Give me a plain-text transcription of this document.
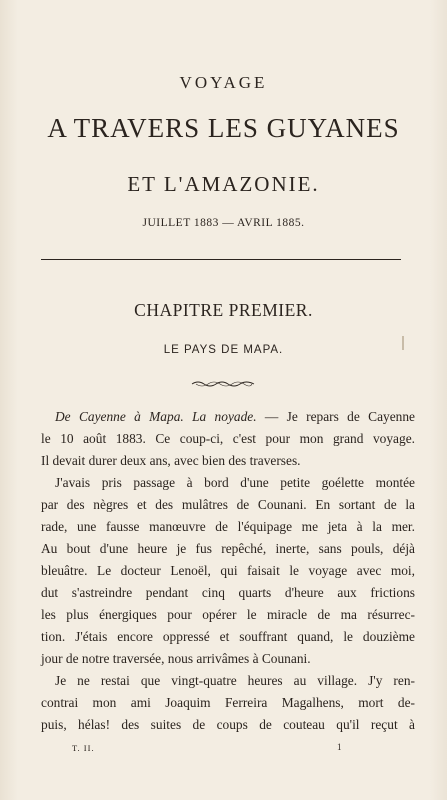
VOYAGE
A TRAVERS LES GUYANES
ET L'AMAZONIE.
JUILLET 1883 — AVRIL 1885.
CHAPITRE PREMIER.
LE PAYS DE MAPA.
De Cayenne à Mapa. La noyade. — Je repars de Cayenne
le 10 août 1883. Ce coup-ci, c'est pour mon grand voyage.
Il devait durer deux ans, avec bien des traverses.
J'avais pris passage à bord d'une petite goélette montée
par des nègres et des mulâtres de Counani. En sortant de la
rade, une fausse manœuvre de l'équipage me jeta à la mer.
Au bout d'une heure je fus repêché, inerte, sans pouls, déjà
bleuâtre. Le docteur Lenoël, qui faisait le voyage avec moi,
dut s'astreindre pendant cinq quarts d'heure aux frictions
les plus énergiques pour opérer le miracle de ma résurrec-
tion. J'étais encore oppressé et souffrant quand, le douzième
jour de notre traversée, nous arrivâmes à Counani.
Je ne restai que vingt-quatre heures au village. J'y ren-
contrai mon ami Joaquim Ferreira Magalhens, mort de-
puis, hélas! des suites de coups de couteau qu'il reçut à
T. II.	1
